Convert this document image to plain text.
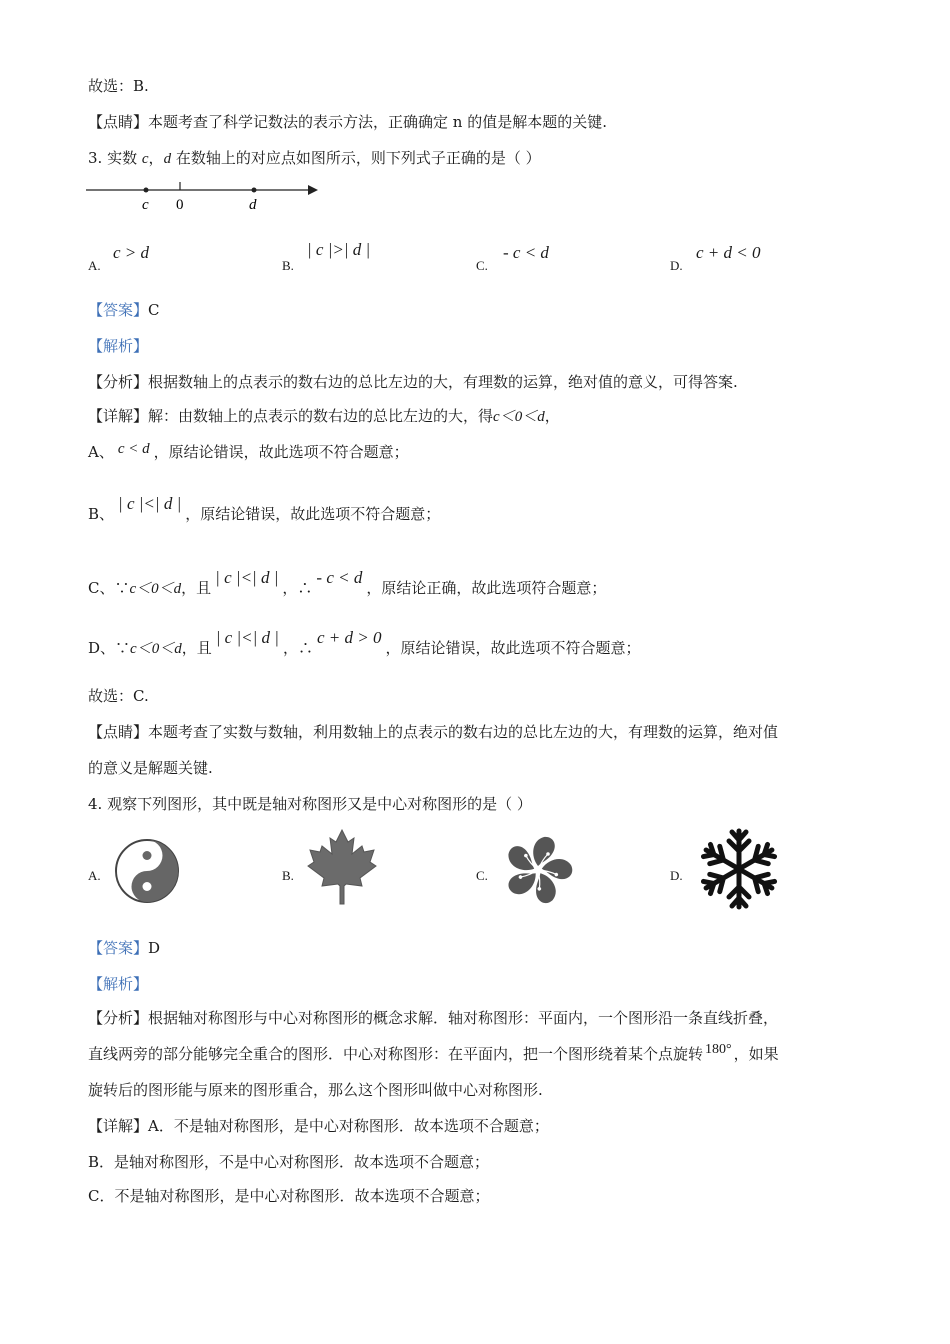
故选：B.
【点睛】本题考查了科学记数法的表示方法，正确确定 n 的值是解本题的关键.
3. 实数 c，d 在数轴上的对应点如图所示，则下列式子正确的是（ ）
c 0	d
A.
c > d
B.
| c |>| d |
C.
- c < d
D.
c + d < 0
【答案】C
【解析】
【分析】根据数轴上的点表示的数右边的总比左边的大，有理数的运算，绝对值的意义，可得答案.
【详解】解：由数轴上的点表示的数右边的总比左边的大，得c＜0＜d，
A、 c < d ，原结论错误，故此选项不符合题意；
B、| c |<| d |，原结论错误，故此选项不符合题意；
C、∵c＜0＜d，且| c |<| d |，∴- c < d，原结论正确，故此选项符合题意；
D、∵c＜0＜d，且| c |<| d |，∴c + d > 0，原结论错误，故此选项不符合题意；
故选：C.
【点睛】本题考查了实数与数轴，利用数轴上的点表示的数右边的总比左边的大，有理数的运算，绝对值
的意义是解题关键.
4. 观察下列图形，其中既是轴对称图形又是中心对称图形的是（ ）
A.	B.	C.	D.
【答案】D
【解析】
【分析】根据轴对称图形与中心对称图形的概念求解．轴对称图形：平面内，一个图形沿一条直线折叠，
直线两旁的部分能够完全重合的图形．中心对称图形：在平面内，把一个图形绕着某个点旋转 180° ，如果
旋转后的图形能与原来的图形重合，那么这个图形叫做中心对称图形.
【详解】A．不是轴对称图形，是中心对称图形．故本选项不合题意；
B．是轴对称图形，不是中心对称图形．故本选项不合题意；
C．不是轴对称图形，是中心对称图形．故本选项不合题意；
